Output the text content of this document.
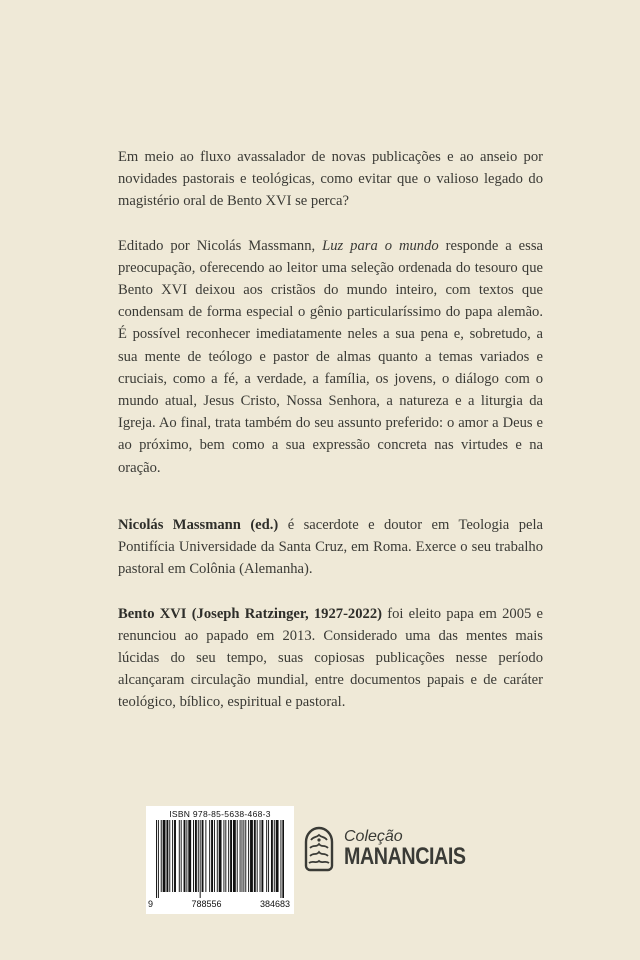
Em meio ao fluxo avassalador de novas publicações e ao anseio por novidades pastorais e teológicas, como evitar que o valioso legado do magistério oral de Bento XVI se perca?

Editado por Nicolás Massmann, Luz para o mundo responde a essa preocupação, oferecendo ao leitor uma seleção ordenada do tesouro que Bento XVI deixou aos cristãos do mundo inteiro, com textos que condensam de forma especial o gênio particularíssimo do papa alemão. É possível reconhecer imediatamente neles a sua pena e, sobretudo, a sua mente de teólogo e pastor de almas quanto a temas variados e cruciais, como a fé, a verdade, a família, os jovens, o diálogo com o mundo atual, Jesus Cristo, Nossa Senhora, a natureza e a liturgia da Igreja. Ao final, trata também do seu assunto preferido: o amor a Deus e ao próximo, bem como a sua expressão concreta nas virtudes e na oração.

Nicolás Massmann (ed.) é sacerdote e doutor em Teologia pela Pontifícia Universidade da Santa Cruz, em Roma. Exerce o seu trabalho pastoral em Colônia (Alemanha).

Bento XVI (Joseph Ratzinger, 1927-2022) foi eleito papa em 2005 e renunciou ao papado em 2013. Considerado uma das mentes mais lúcidas do seu tempo, suas copiosas publicações nesse período alcançaram circulação mundial, entre documentos papais e de caráter teológico, bíblico, espiritual e pastoral.

ISBN 978-85-5638-468-3
9	788556	384683
Coleção
MANANCIAIS
